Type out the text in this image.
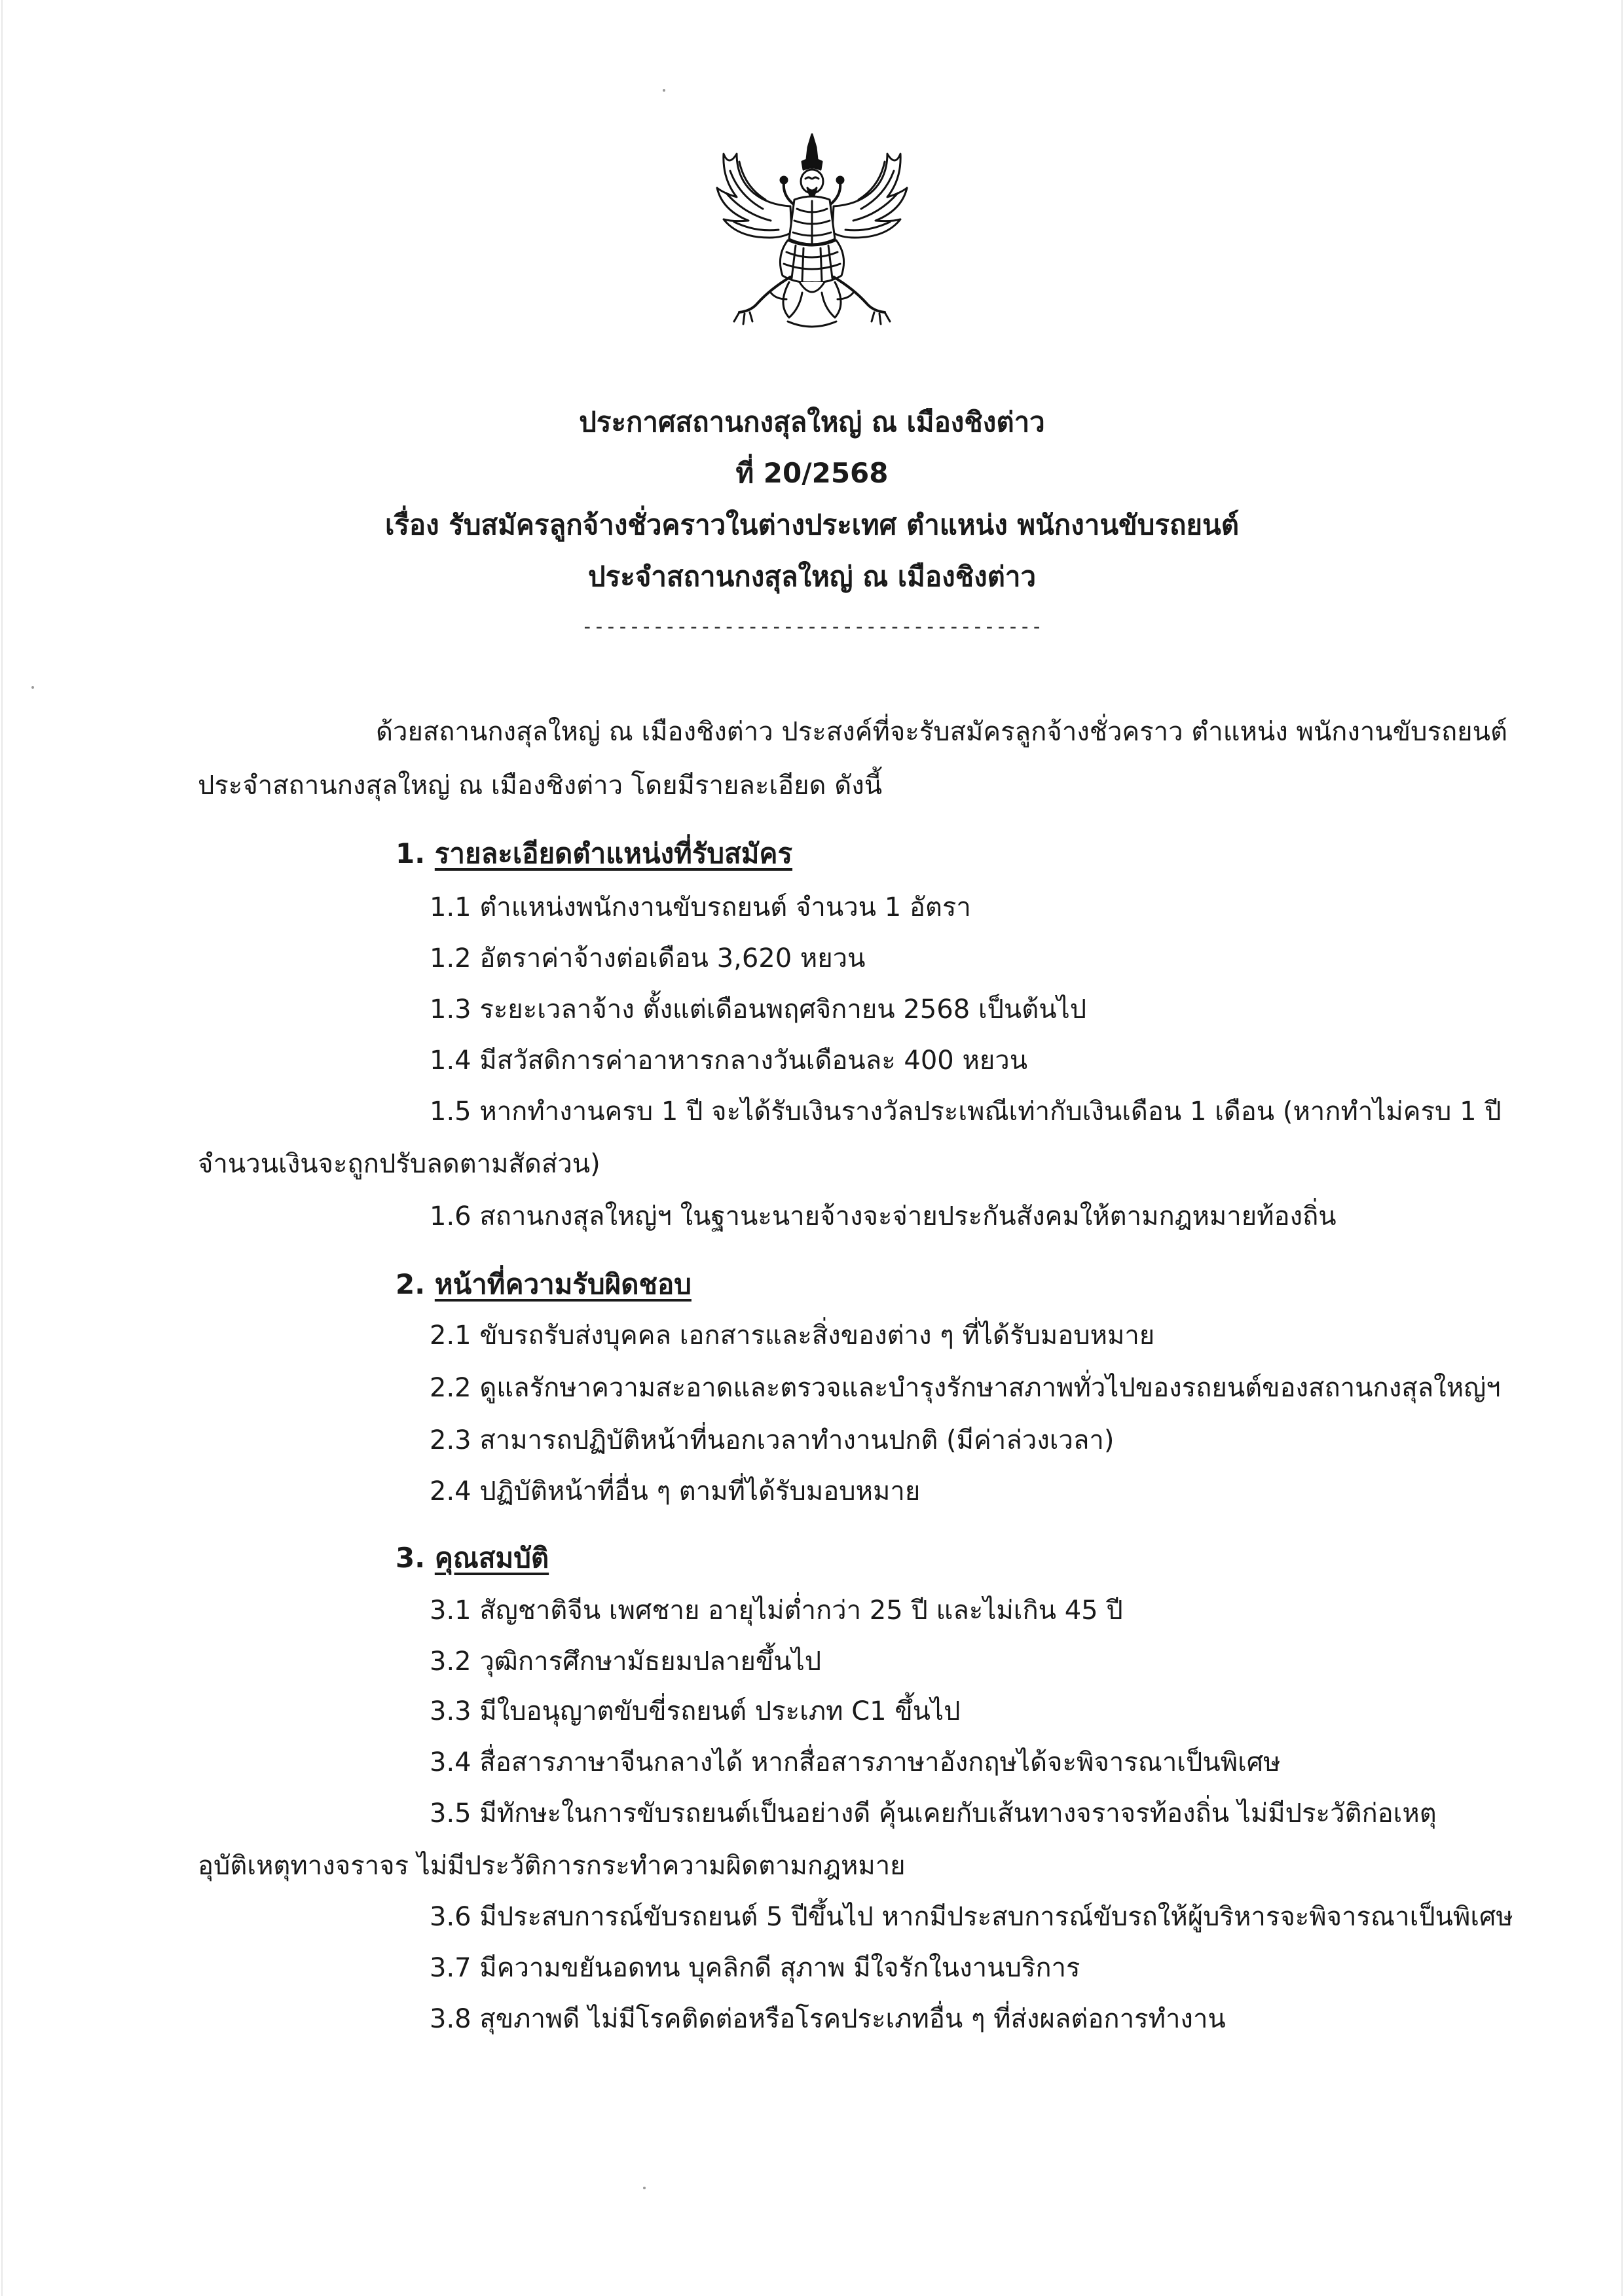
ประกาศสถานกงสุลใหญ่ ณ เมืองชิงต่าว
ที่ 20/2568
เรื่อง รับสมัครลูกจ้างชั่วคราวในต่างประเทศ ตำแหน่ง พนักงานขับรถยนต์
ประจำสถานกงสุลใหญ่ ณ เมืองชิงต่าว
---------------------------------------
ด้วยสถานกงสุลใหญ่ ณ เมืองชิงต่าว ประสงค์ที่จะรับสมัครลูกจ้างชั่วคราว ตำแหน่ง พนักงานขับรถยนต์
ประจำสถานกงสุลใหญ่ ณ เมืองชิงต่าว โดยมีรายละเอียด ดังนี้
1. รายละเอียดตำแหน่งที่รับสมัคร
1.1 ตำแหน่งพนักงานขับรถยนต์ จำนวน 1 อัตรา
1.2 อัตราค่าจ้างต่อเดือน 3,620 หยวน
1.3 ระยะเวลาจ้าง ตั้งแต่เดือนพฤศจิกายน 2568 เป็นต้นไป
1.4 มีสวัสดิการค่าอาหารกลางวันเดือนละ 400 หยวน
1.5 หากทำงานครบ 1 ปี จะได้รับเงินรางวัลประเพณีเท่ากับเงินเดือน 1 เดือน (หากทำไม่ครบ 1 ปี
จำนวนเงินจะถูกปรับลดตามสัดส่วน)
1.6 สถานกงสุลใหญ่ฯ ในฐานะนายจ้างจะจ่ายประกันสังคมให้ตามกฎหมายท้องถิ่น
2. หน้าที่ความรับผิดชอบ
2.1 ขับรถรับส่งบุคคล เอกสารและสิ่งของต่าง ๆ ที่ได้รับมอบหมาย
2.2 ดูแลรักษาความสะอาดและตรวจและบำรุงรักษาสภาพทั่วไปของรถยนต์ของสถานกงสุลใหญ่ฯ
2.3 สามารถปฏิบัติหน้าที่นอกเวลาทำงานปกติ (มีค่าล่วงเวลา)
2.4 ปฏิบัติหน้าที่อื่น ๆ ตามที่ได้รับมอบหมาย
3. คุณสมบัติ
3.1 สัญชาติจีน เพศชาย อายุไม่ต่ำกว่า 25 ปี และไม่เกิน 45 ปี
3.2 วุฒิการศึกษามัธยมปลายขึ้นไป
3.3 มีใบอนุญาตขับขี่รถยนต์ ประเภท C1 ขึ้นไป
3.4 สื่อสารภาษาจีนกลางได้ หากสื่อสารภาษาอังกฤษได้จะพิจารณาเป็นพิเศษ
3.5 มีทักษะในการขับรถยนต์เป็นอย่างดี คุ้นเคยกับเส้นทางจราจรท้องถิ่น ไม่มีประวัติก่อเหตุ
อุบัติเหตุทางจราจร ไม่มีประวัติการกระทำความผิดตามกฎหมาย
3.6 มีประสบการณ์ขับรถยนต์ 5 ปีขึ้นไป หากมีประสบการณ์ขับรถให้ผู้บริหารจะพิจารณาเป็นพิเศษ
3.7 มีความขยันอดทน บุคลิกดี สุภาพ มีใจรักในงานบริการ
3.8 สุขภาพดี ไม่มีโรคติดต่อหรือโรคประเภทอื่น ๆ ที่ส่งผลต่อการทำงาน
